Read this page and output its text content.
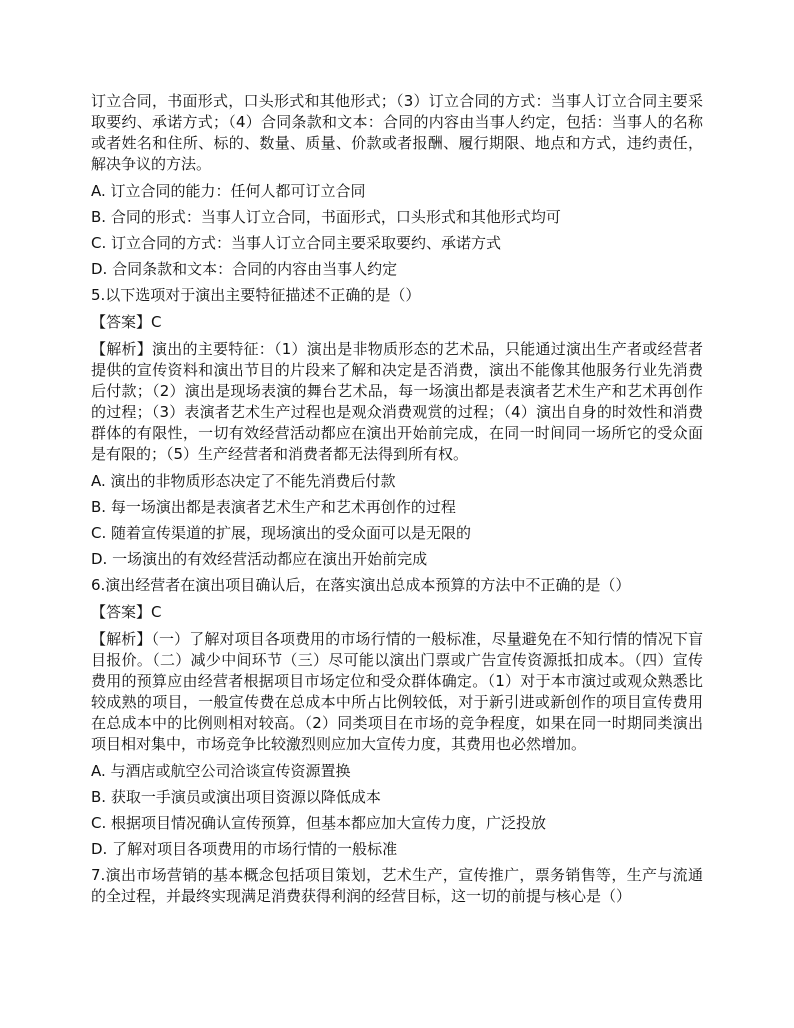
订立合同，书面形式，口头形式和其他形式；（3）订立合同的方式：当事人订立合同主要采取要约、承诺方式；（4）合同条款和文本：合同的内容由当事人约定，包括：当事人的名称或者姓名和住所、标的、数量、质量、价款或者报酬、履行期限、地点和方式，违约责任，解决争议的方法。

A. 订立合同的能力：任何人都可订立合同
B. 合同的形式：当事人订立合同，书面形式，口头形式和其他形式均可
C. 订立合同的方式：当事人订立合同主要采取要约、承诺方式
D. 合同条款和文本：合同的内容由当事人约定

5.以下选项对于演出主要特征描述不正确的是（）

【答案】C

【解析】演出的主要特征：（1）演出是非物质形态的艺术品，只能通过演出生产者或经营者提供的宣传资料和演出节目的片段来了解和决定是否消费，演出不能像其他服务行业先消费后付款；（2）演出是现场表演的舞台艺术品，每一场演出都是表演者艺术生产和艺术再创作的过程；（3）表演者艺术生产过程也是观众消费观赏的过程；（4）演出自身的时效性和消费群体的有限性，一切有效经营活动都应在演出开始前完成，在同一时间同一场所它的受众面是有限的；（5）生产经营者和消费者都无法得到所有权。

A. 演出的非物质形态决定了不能先消费后付款
B. 每一场演出都是表演者艺术生产和艺术再创作的过程
C. 随着宣传渠道的扩展，现场演出的受众面可以是无限的
D. 一场演出的有效经营活动都应在演出开始前完成

6.演出经营者在演出项目确认后，在落实演出总成本预算的方法中不正确的是（）

【答案】C

【解析】（一）了解对项目各项费用的市场行情的一般标准，尽量避免在不知行情的情况下盲目报价。（二）减少中间环节（三）尽可能以演出门票或广告宣传资源抵扣成本。（四）宣传费用的预算应由经营者根据项目市场定位和受众群体确定。（1）对于本市演过或观众熟悉比较成熟的项目，一般宣传费在总成本中所占比例较低，对于新引进或新创作的项目宣传费用在总成本中的比例则相对较高。（2）同类项目在市场的竞争程度，如果在同一时期同类演出项目相对集中，市场竞争比较激烈则应加大宣传力度，其费用也必然增加。

A. 与酒店或航空公司洽谈宣传资源置换
B. 获取一手演员或演出项目资源以降低成本
C. 根据项目情况确认宣传预算，但基本都应加大宣传力度，广泛投放
D. 了解对项目各项费用的市场行情的一般标准

7.演出市场营销的基本概念包括项目策划，艺术生产，宣传推广，票务销售等，生产与流通的全过程，并最终实现满足消费获得利润的经营目标，这一切的前提与核心是（）
